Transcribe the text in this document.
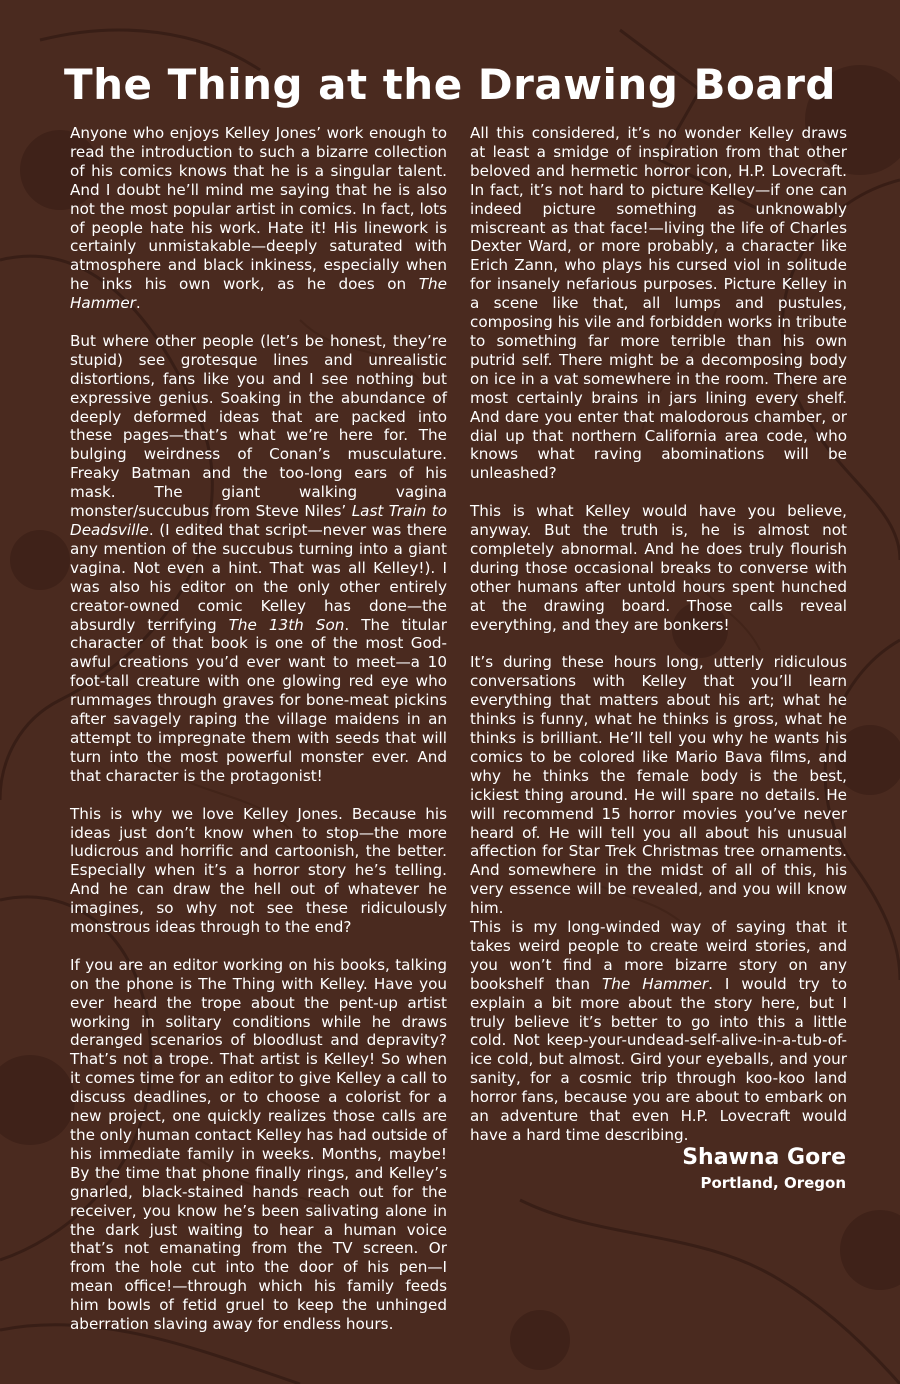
The Thing at the Drawing Board

Anyone who enjoys Kelley Jones’ work enough to read the introduction to such a bizarre collection of his comics knows that he is a singular talent. And I doubt he’ll mind me saying that he is also not the most popular artist in comics. In fact, lots of people hate his work. Hate it! His linework is certainly unmistakable—deeply saturated with atmosphere and black inkiness, especially when he inks his own work, as he does on The Hammer.

But where other people (let’s be honest, they’re stupid) see grotesque lines and unrealistic distortions, fans like you and I see nothing but expressive genius. Soaking in the abundance of deeply deformed ideas that are packed into these pages—that’s what we’re here for. The bulging weirdness of Conan’s musculature. Freaky Batman and the too-long ears of his mask. The giant walking vagina monster/succubus from Steve Niles’ Last Train to Deadsville. (I edited that script—never was there any mention of the succubus turning into a giant vagina. Not even a hint. That was all Kelley!). I was also his editor on the only other entirely creator-owned comic Kelley has done—the absurdly terrifying The 13th Son. The titular character of that book is one of the most God-awful creations you’d ever want to meet—a 10 foot-tall creature with one glowing red eye who rummages through graves for bone-meat pickins after savagely raping the village maidens in an attempt to impregnate them with seeds that will turn into the most powerful monster ever. And that character is the protagonist!

This is why we love Kelley Jones. Because his ideas just don’t know when to stop—the more ludicrous and horrific and cartoonish, the better. Especially when it’s a horror story he’s telling. And he can draw the hell out of whatever he imagines, so why not see these ridiculously monstrous ideas through to the end?

If you are an editor working on his books, talking on the phone is The Thing with Kelley. Have you ever heard the trope about the pent-up artist working in solitary conditions while he draws deranged scenarios of bloodlust and depravity? That’s not a trope. That artist is Kelley! So when it comes time for an editor to give Kelley a call to discuss deadlines, or to choose a colorist for a new project, one quickly realizes those calls are the only human contact Kelley has had outside of his immediate family in weeks. Months, maybe! By the time that phone finally rings, and Kelley’s gnarled, black-stained hands reach out for the receiver, you know he’s been salivating alone in the dark just waiting to hear a human voice that’s not emanating from the TV screen. Or from the hole cut into the door of his pen—I mean office!—through which his family feeds him bowls of fetid gruel to keep the unhinged aberration slaving away for endless hours.

All this considered, it’s no wonder Kelley draws at least a smidge of inspiration from that other beloved and hermetic horror icon, H.P. Lovecraft. In fact, it’s not hard to picture Kelley—if one can indeed picture something as unknowably miscreant as that face!—living the life of Charles Dexter Ward, or more probably, a character like Erich Zann, who plays his cursed viol in solitude for insanely nefarious purposes. Picture Kelley in a scene like that, all lumps and pustules, composing his vile and forbidden works in tribute to something far more terrible than his own putrid self. There might be a decomposing body on ice in a vat somewhere in the room. There are most certainly brains in jars lining every shelf. And dare you enter that malodorous chamber, or dial up that northern California area code, who knows what raving abominations will be unleashed?

This is what Kelley would have you believe, anyway. But the truth is, he is almost not completely abnormal. And he does truly flourish during those occasional breaks to converse with other humans after untold hours spent hunched at the drawing board. Those calls reveal everything, and they are bonkers!

It’s during these hours long, utterly ridiculous conversations with Kelley that you’ll learn everything that matters about his art; what he thinks is funny, what he thinks is gross, what he thinks is brilliant. He’ll tell you why he wants his comics to be colored like Mario Bava films, and why he thinks the female body is the best, ickiest thing around. He will spare no details. He will recommend 15 horror movies you’ve never heard of. He will tell you all about his unusual affection for Star Trek Christmas tree ornaments. And somewhere in the midst of all of this, his very essence will be revealed, and you will know him.

This is my long-winded way of saying that it takes weird people to create weird stories, and you won’t find a more bizarre story on any bookshelf than The Hammer. I would try to explain a bit more about the story here, but I truly believe it’s better to go into this a little cold. Not keep-your-undead-self-alive-in-a-tub-of-ice cold, but almost. Gird your eyeballs, and your sanity, for a cosmic trip through koo-koo land horror fans, because you are about to embark on an adventure that even H.P. Lovecraft would have a hard time describing.

Shawna Gore
Portland, Oregon
